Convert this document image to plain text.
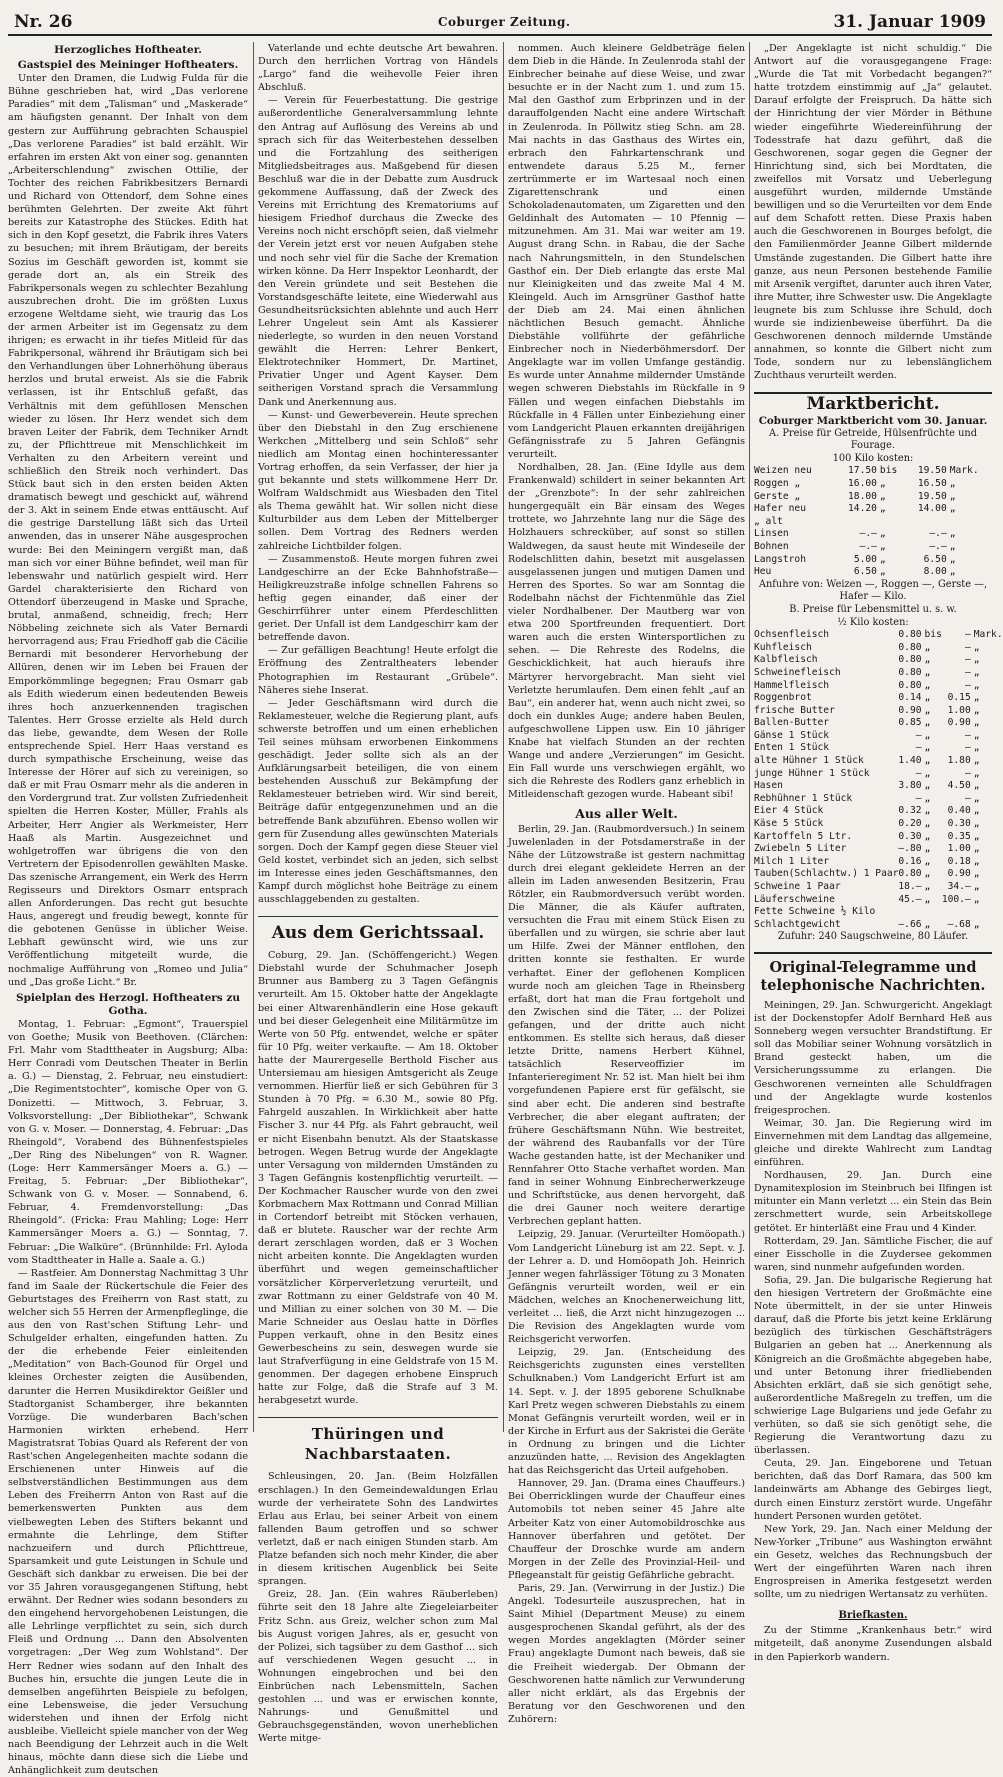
Nr. 26	Coburger Zeitung.	31. Januar 1909
Herzogliches Hoftheater.
Gastspiel des Meininger Hoftheaters.

Unter den Dramen, die Ludwig Fulda für die Bühne geschrieben hat, wird „Das verlorene Paradies“ mit dem „Talisman“ und „Maskerade“ am häufigsten genannt. Der Inhalt von dem gestern zur Aufführung gebrachten Schauspiel „Das verlorene Paradies“ ist bald erzählt. Wir erfahren im ersten Akt von einer sog. genannten „Arbeiterschlendung“ zwischen Ottilie, der Tochter des reichen Fabrikbesitzers Bernardi und Richard von Ottendorf, dem Sohne eines berühmten Gelehrten. Der zweite Akt führt bereits zur Katastrophe des Stückes. Edith hat sich in den Kopf gesetzt, die Fabrik ihres Vaters zu besuchen; mit ihrem Bräutigam, der bereits Sozius im Geschäft geworden ist, kommt sie gerade dort an, als ein Streik des Fabrikpersonals wegen zu schlechter Bezahlung auszubrechen droht. Die im größten Luxus erzogene Weltdame sieht, wie traurig das Los der armen Arbeiter ist im Gegensatz zu dem ihrigen; es erwacht in ihr tiefes Mitleid für das Fabrikpersonal, während ihr Bräutigam sich bei den Verhandlungen über Lohnerhöhung überaus herzlos und brutal erweist. Als sie die Fabrik verlassen, ist ihr Entschluß gefaßt, das Verhältnis mit dem gefühllosen Menschen wieder zu lösen. Ihr Herz wendet sich dem braven Leiter der Fabrik, dem Techniker Arndt zu, der Pflichttreue mit Menschlichkeit im Verhalten zu den Arbeitern vereint und schließlich den Streik noch verhindert. Das Stück baut sich in den ersten beiden Akten dramatisch bewegt und geschickt auf, während der 3. Akt in seinem Ende etwas enttäuscht. Auf die gestrige Darstellung läßt sich das Urteil anwenden, das in unserer Nähe ausgesprochen wurde: Bei den Meiningern vergißt man, daß man sich vor einer Bühne befindet, weil man für lebenswahr und natürlich gespielt wird. Herr Gardel charakterisierte den Richard von Ottendorf überzeugend in Maske und Sprache, brutal, anmaßend, schneidig, frech; Herr Nöbbeling zeichnete sich als Vater Bernardi hervorragend aus; Frau Friedhoff gab die Cäcilie Bernardi mit besonderer Hervorhebung der Allüren, denen wir im Leben bei Frauen der Emporkömmlinge begegnen; Frau Osmarr gab als Edith wiederum einen bedeutenden Beweis ihres hoch anzuerkennenden tragischen Talentes. Herr Grosse erzielte als Held durch das liebe, gewandte, dem Wesen der Rolle entsprechende Spiel. Herr Haas verstand es durch sympathische Erscheinung, weise das Interesse der Hörer auf sich zu vereinigen, so daß er mit Frau Osmarr mehr als die anderen in den Vordergrund trat. Zur vollsten Zufriedenheit spielten die Herren Koster, Müller, Frahls als Arbeiter, Herr Angier als Werkmeister, Herr Haaß als Martin. Ausgezeichnet und wohlgetroffen war übrigens die von den Vertretern der Episodenrollen gewählten Maske. Das szenische Arrangement, ein Werk des Herrn Regisseurs und Direktors Osmarr entsprach allen Anforderungen. Das recht gut besuchte Haus, angeregt und freudig bewegt, konnte für die gebotenen Genüsse in üblicher Weise. Lebhaft gewünscht wird, wie uns zur Veröffentlichung mitgeteilt wurde, die nochmalige Aufführung von „Romeo und Julia“ und „Das große Licht.“ Br.

Spielplan des Herzogl. Hoftheaters zu Gotha.

Montag, 1. Februar: „Egmont“, Trauerspiel von Goethe; Musik von Beethoven. (Clärchen: Frl. Mahr vom Stadttheater in Augsburg; Alba: Herr Conradi vom Deutschen Theater in Berlin a. G.) — Dienstag, 2. Februar, neu einstudiert: „Die Regimentstochter“, komische Oper von G. Donizetti. — Mittwoch, 3. Februar, 3. Volksvorstellung: „Der Bibliothekar“, Schwank von G. v. Moser. — Donnerstag, 4. Februar: „Das Rheingold“, Vorabend des Bühnenfestspieles „Der Ring des Nibelungen“ von R. Wagner. (Loge: Herr Kammersänger Moers a. G.) — Freitag, 5. Februar: „Der Bibliothekar“, Schwank von G. v. Moser. — Sonnabend, 6. Februar, 4. Fremdenvorstellung: „Das Rheingold“. (Fricka: Frau Mahling; Loge: Herr Kammersänger Moers a. G.) — Sonntag, 7. Februar: „Die Walküre“. (Brünnhilde: Frl. Ayloda vom Stadttheater in Halle a. Saale a. G.)

— Rastfeier. Am Donnerstag Nachmittag 3 Uhr fand im Saale der Rückertschule die Feier des Geburtstages des Freiherrn von Rast statt, zu welcher sich 55 Herren der Armenpfleglinge, die aus den von Rast'schen Stiftung Lehr- und Schulgelder erhalten, eingefunden hatten. Zu der die erhebende Feier einleitenden „Meditation“ von Bach-Gounod für Orgel und kleines Orchester zeigten die Ausübenden, darunter die Herren Musikdirektor Geißler und Stadtorganist Schamberger, ihre bekannten Vorzüge. Die wunderbaren Bach'schen Harmonien wirkten erhebend. Herr Magistratsrat Tobias Quard als Referent der von Rast'schen Angelegenheiten machte sodann die Erschienenen unter Hinweis auf die selbstverständlichen Bestimmungen aus dem Leben des Freiherrn Anton von Rast auf die bemerkenswerten Punkten aus dem vielbewegten Leben des Stifters bekannt und ermahnte die Lehrlinge, dem Stifter nachzueifern und durch Pflichttreue, Sparsamkeit und gute Leistungen in Schule und Geschäft sich dankbar zu erweisen. Die bei der vor 35 Jahren vorausgegangenen Stiftung, hebt erwähnt. Der Redner wies sodann besonders zu den eingehend hervorgehobenen Leistungen, die alle Lehrlinge verpflichtet zu sein, sich durch Fleiß und Ordnung ... Dann den Absolventen vorgetragen: „Der Weg zum Wohlstand“. Der Herr Redner wies sodann auf den Inhalt des Buches hin, ersuchte die jungen Leute die in demselben angeführten Beispiele zu befolgen, eine Lebensweise, die jeder Versuchung widerstehen und ihnen der Erfolg nicht ausbleibe. Vielleicht spiele mancher von der Weg nach Beendigung der Lehrzeit auch in die Welt hinaus, möchte dann diese sich die Liebe und Anhänglichkeit zum deutschen

Vaterlande und echte deutsche Art bewahren. Durch den herrlichen Vortrag von Händels „Largo“ fand die weihevolle Feier ihren Abschluß.

— Verein für Feuerbestattung. Die gestrige außerordentliche Generalversammlung lehnte den Antrag auf Auflösung des Vereins ab und sprach sich für das Weiterbestehen desselben und die Fortzahlung des seitherigen Mitgliedsbeitrages aus. Maßgebend für diesen Beschluß war die in der Debatte zum Ausdruck gekommene Auffassung, daß der Zweck des Vereins mit Errichtung des Krematoriums auf hiesigem Friedhof durchaus die Zwecke des Vereins noch nicht erschöpft seien, daß vielmehr der Verein jetzt erst vor neuen Aufgaben stehe und noch sehr viel für die Sache der Kremation wirken könne. Da Herr Inspektor Leonhardt, der den Verein gründete und seit Bestehen die Vorstandsgeschäfte leitete, eine Wiederwahl aus Gesundheitsrücksichten ablehnte und auch Herr Lehrer Ungeleut sein Amt als Kassierer niederlegte, so wurden in den neuen Vorstand gewählt die Herren: Lehrer Benkert, Elektrotechniker Hommert, Dr. Martinet, Privatier Unger und Agent Kayser. Dem seitherigen Vorstand sprach die Versammlung Dank und Anerkennung aus.

— Kunst- und Gewerbeverein. Heute sprechen über den Diebstahl in den Zug erschienene Werkchen „Mittelberg und sein Schloß“ sehr niedlich am Montag einen hochinteressanter Vortrag erhoffen, da sein Verfasser, der hier ja gut bekannte und stets willkommene Herr Dr. Wolfram Waldschmidt aus Wiesbaden den Titel als Thema gewählt hat. Wir sollen nicht diese Kulturbilder aus dem Leben der Mittelberger sollen. Dem Vortrag des Redners werden zahlreiche Lichtbilder folgen.

— Zusammenstoß. Heute morgen fuhren zwei Landgeschirre an der Ecke Bahnhofstraße—Heiligkreuzstraße infolge schnellen Fahrens so heftig gegen einander, daß einer der Geschirrführer unter einem Pferdeschlitten geriet. Der Unfall ist dem Landgeschirr kam der betreffende davon.

— Zur gefälligen Beachtung! Heute erfolgt die Eröffnung des Zentraltheaters lebender Photographien im Restaurant „Grübele“. Näheres siehe Inserat.

— Jeder Geschäftsmann wird durch die Reklamesteuer, welche die Regierung plant, aufs schwerste betroffen und um einen erheblichen Teil seines mühsam erworbenen Einkommens geschädigt. Jeder sollte sich als an der Aufklärungsarbeit beteiligen, die von einem bestehenden Ausschuß zur Bekämpfung der Reklamesteuer betrieben wird. Wir sind bereit, Beiträge dafür entgegenzunehmen und an die betreffende Bank abzuführen. Ebenso wollen wir gern für Zusendung alles gewünschten Materials sorgen. Doch der Kampf gegen diese Steuer viel Geld kostet, verbindet sich an jeden, sich selbst im Interesse eines jeden Geschäftsmannes, den Kampf durch möglichst hohe Beiträge zu einem ausschlaggebenden zu gestalten.

Aus dem Gerichtssaal.

Coburg, 29. Jan. (Schöffengericht.) Wegen Diebstahl wurde der Schuhmacher Joseph Brunner aus Bamberg zu 3 Tagen Gefängnis verurteilt. Am 15. Oktober hatte der Angeklagte bei einer Altwarenhändlerin eine Hose gekauft und bei dieser Gelegenheit eine Militärmütze im Werte von 50 Pfg. entwendet, welche er später für 10 Pfg. weiter verkaufte. — Am 18. Oktober hatte der Maurergeselle Berthold Fischer aus Untersiemau am hiesigen Amtsgericht als Zeuge vernommen. Hierfür ließ er sich Gebühren für 3 Stunden à 70 Pfg. = 6.30 M., sowie 80 Pfg. Fahrgeld auszahlen. In Wirklichkeit aber hatte Fischer 3. nur 44 Pfg. als Fahrt gebraucht, weil er nicht Eisenbahn benutzt. Als der Staatskasse betrogen. Wegen Betrug wurde der Angeklagte unter Versagung von mildernden Umständen zu 3 Tagen Gefängnis kostenpflichtig verurteilt. — Der Kochmacher Rauscher wurde von den zwei Korbmachern Max Rottmann und Conrad Millian in Cortendorf betreibt mit Stöcken verhauen, daß er blutete. Rauscher war der rechte Arm derart zerschlagen worden, daß er 3 Wochen nicht arbeiten konnte. Die Angeklagten wurden überführt und wegen gemeinschaftlicher vorsätzlicher Körperverletzung verurteilt, und zwar Rottmann zu einer Geldstrafe von 40 M. und Millian zu einer solchen von 30 M. — Die Marie Schneider aus Oeslau hatte in Dörfles Puppen verkauft, ohne in den Besitz eines Gewerbescheins zu sein, deswegen wurde sie laut Strafverfügung in eine Geldstrafe von 15 M. genommen. Der dagegen erhobene Einspruch hatte zur Folge, daß die Strafe auf 3 M. herabgesetzt wurde.

Thüringen und Nachbarstaaten.

Schleusingen, 20. Jan. (Beim Holzfällen erschlagen.) In den Gemeindewaldungen Erlau wurde der verheiratete Sohn des Landwirtes Erlau aus Erlau, bei seiner Arbeit von einem fallenden Baum getroffen und so schwer verletzt, daß er nach einigen Stunden starb. Am Platze befanden sich noch mehr Kinder, die aber in diesem kritischen Augenblick bei Seite sprangen.

Greiz, 28. Jan. (Ein wahres Räuberleben) führte seit den 18 Jahre alte Ziegeleiarbeiter Fritz Schn. aus Greiz, welcher schon zum Mal bis August vorigen Jahres, als er, gesucht von der Polizei, sich tagsüber zu dem Gasthof ... sich auf verschiedenen Wegen gesucht ... in Wohnungen eingebrochen und bei den Einbrüchen nach Lebensmitteln, Sachen gestohlen ... und was er erwischen konnte, Nahrungs- und Genußmittel und Gebrauchsgegenständen, wovon unerheblichen Werte mitge-

nommen. Auch kleinere Geldbeträge fielen dem Dieb in die Hände. In Zeulenroda stahl der Einbrecher beinahe auf diese Weise, und zwar besuchte er in der Nacht zum 1. und zum 15. Mal den Gasthof zum Erbprinzen und in der darauffolgenden Nacht eine andere Wirtschaft in Zeulenroda. In Pöllwitz stieg Schn. am 28. Mai nachts in das Gasthaus des Wirtes ein, erbrach den Fahrkartenschrank und entwendete daraus 5.25 M., ferner zertrümmerte er im Wartesaal noch einen Zigarettenschrank und einen Schokoladenautomaten, um Zigaretten und den Geldinhalt des Automaten — 10 Pfennig — mitzunehmen. Am 31. Mai war weiter am 19. August drang Schn. in Rabau, die der Sache nach Nahrungsmitteln, in den Stundelschen Gasthof ein. Der Dieb erlangte das erste Mal nur Kleinigkeiten und das zweite Mal 4 M. Kleingeld. Auch im Arnsgrüner Gasthof hatte der Dieb am 24. Mai einen ähnlichen nächtlichen Besuch gemacht. Ähnliche Diebstähle vollführte der gefährliche Einbrecher noch in Niederböhmersdorf. Der Angeklagte war im vollen Umfange geständig. Es wurde unter Annahme mildernder Umstände wegen schweren Diebstahls im Rückfalle in 9 Fällen und wegen einfachen Diebstahls im Rückfalle in 4 Fällen unter Einbeziehung einer vom Landgericht Plauen erkannten dreijährigen Gefängnisstrafe zu 5 Jahren Gefängnis verurteilt.

Nordhalben, 28. Jan. (Eine Idylle aus dem Frankenwald) schildert in seiner bekannten Art der „Grenzbote“: In der sehr zahlreichen hungergequält ein Bär einsam des Weges trottete, wo Jahrzehnte lang nur die Säge des Holzhauers schrecküber, auf sonst so stillen Waldwegen, da saust heute mit Windeseile der Rodelschlitten dahin, besetzt mit ausgelassen ausgelassenen jungen und mutigen Damen und Herren des Sportes. So war am Sonntag die Rodelbahn nächst der Fichtenmühle das Ziel vieler Nordhalbener. Der Mautberg war von etwa 200 Sportfreunden frequentiert. Dort waren auch die ersten Wintersportlichen zu sehen. — Die Rehreste des Rodelns, die Geschicklichkeit, hat auch hieraufs ihre Märtyrer hervorgebracht. Man sieht viel Verletzte herumlaufen. Dem einen fehlt „auf an Bau“, ein anderer hat, wenn auch nicht zwei, so doch ein dunkles Auge; andere haben Beulen, aufgeschwollene Lippen usw. Ein 10 jähriger Knabe hat vielfach Stunden an der rechten Wange und andere „Verzierungen“ im Gesicht. Ein Fall wurde uns verschwiegen ergählt, wo sich die Rehreste des Rodlers ganz erheblich in Mitleidenschaft gezogen wurde. Habeant sibi!

Aus aller Welt.

Berlin, 29. Jan. (Raubmordversuch.) In seinem Juwelenladen in der Potsdamerstraße in der Nähe der Lützowstraße ist gestern nachmittag durch drei elegant gekleidete Herren an der allein im Laden anwesenden Besitzerin, Frau Rötzler, ein Raubmordversuch verübt worden. Die Männer, die als Käufer auftraten, versuchten die Frau mit einem Stück Eisen zu überfallen und zu würgen, sie schrie aber laut um Hilfe. Zwei der Männer entflohen, den dritten konnte sie festhalten. Er wurde verhaftet. Einer der geflohenen Komplicen wurde noch am gleichen Tage in Rheinsberg erfaßt, dort hat man die Frau fortgeholt und den Zwischen sind die Täter, ... der Polizei gefangen, und der dritte auch nicht entkommen. Es stellte sich heraus, daß dieser letzte Dritte, namens Herbert Kühnel, tatsächlich Reserveoffizier im Infanterieregiment Nr. 52 ist. Man hielt bei ihm vorgefundenen Papiere erst für gefälscht, sie sind aber echt. Die anderen sind bestrafte Verbrecher, die aber elegant auftraten; der frühere Geschäftsmann Nühn. Wie bestreitet, der während des Raubanfalls vor der Türe Wache gestanden hatte, ist der Mechaniker und Rennfahrer Otto Stache verhaftet worden. Man fand in seiner Wohnung Einbrecherwerkzeuge und Schriftstücke, aus denen hervorgeht, daß die drei Gauner noch weitere derartige Verbrechen geplant hatten.

Leipzig, 29. Januar. (Verurteilter Homöopath.) Vom Landgericht Lüneburg ist am 22. Sept. v. J. der Lehrer a. D. und Homöopath Joh. Heinrich Jenner wegen fahrlässiger Tötung zu 3 Monaten Gefängnis verurteilt worden, weil er ein Mädchen, welches an Knochenerweichung litt, verleitet ... ließ, die Arzt nicht hinzugezogen ... Die Revision des Angeklagten wurde vom Reichsgericht verworfen.

Leipzig, 29. Jan. (Entscheidung des Reichsgerichts zugunsten eines verstellten Schulknaben.) Vom Landgericht Erfurt ist am 14. Sept. v. J. der 1895 geborene Schulknabe Karl Pretz wegen schweren Diebstahls zu einem Monat Gefängnis verurteilt worden, weil er in der Kirche in Erfurt aus der Sakristei die Geräte in Ordnung zu bringen und die Lichter anzuzünden hatte, ... Revision des Angeklagten hat das Reichsgericht das Urteil aufgehoben.

Hannover, 29. Jan. (Drama eines Chauffeurs.) Bei Oberricklingen wurde der Chauffeur eines Automobils tot neben seiner 45 Jahre alte Arbeiter Katz von einer Automobildroschke aus Hannover überfahren und getötet. Der Chauffeur der Droschke wurde am andern Morgen in der Zelle des Provinzial-Heil- und Pflegeanstalt für geistig Gefährliche gebracht.

Paris, 29. Jan. (Verwirrung in der Justiz.) Die Angekl. Todesurteile auszusprechen, hat in Saint Mihiel (Department Meuse) zu einem ausgesprochenen Skandal geführt, als der des wegen Mordes angeklagten (Mörder seiner Frau) angeklagte Dumont nach beweis, daß sie die Freiheit wiedergab. Der Obmann der Geschworenen hatte nämlich zur Verwunderung aller nicht erklärt, als das Ergebnis der Beratung vor den Geschworenen und den Zuhörern:

„Der Angeklagte ist nicht schuldig.“ Die Antwort auf die vorausgegangene Frage: „Wurde die Tat mit Vorbedacht begangen?“ hatte trotzdem einstimmig auf „Ja“ gelautet. Darauf erfolgte der Freispruch. Da hätte sich der Hinrichtung der vier Mörder in Béthune wieder eingeführte Wiedereinführung der Todesstrafe hat dazu geführt, daß die Geschworenen, sogar gegen die Gegner der Hinrichtung sind, sich bei Mordtaten, die zweifellos mit Vorsatz und Ueberlegung ausgeführt wurden, mildernde Umstände bewilligen und so die Verurteilten vor dem Ende auf dem Schafott retten. Diese Praxis haben auch die Geschworenen in Bourges befolgt, die den Familienmörder Jeanne Gilbert mildernde Umstände zugestanden. Die Gilbert hatte ihre ganze, aus neun Personen bestehende Familie mit Arsenik vergiftet, darunter auch ihren Vater, ihre Mutter, ihre Schwester usw. Die Angeklagte leugnete bis zum Schlusse ihre Schuld, doch wurde sie indizienbeweise überführt. Da die Geschworenen dennoch mildernde Umstände annahmen, so konnte die Gilbert nicht zum Tode, sondern nur zu lebenslänglichem Zuchthaus verurteilt werden.

Marktbericht.
Coburger Marktbericht vom 30. Januar.
A. Preise für Getreide, Hülsenfrüchte und Fourage.
100 Kilo kosten:
Weizen neu	17.50	bis	19.50	Mark.
Roggen „	16.00	„	16.50	„
Gerste „	18.00	„	19.50	„
Hafer neu	14.20	„	14.00	„
„ alt				
Linsen	—.—	„	—.—	„
Bohnen	—.—	„	—.—	„
Langstroh	5.00	„	6.50	„
Heu	6.50	„	8.00	„
Anfuhre von: Weizen —, Roggen —, Gerste —, Hafer — Kilo.
B. Preise für Lebensmittel u. s. w.
½ Kilo kosten:
Ochsenfleisch	0.80	bis	—	Mark.
Kuhfleisch	0.80	„	—	„
Kalbfleisch	0.80	„	—	„
Schweinefleisch	0.80	„	—	„
Hammelfleisch	0.80	„	—	„
Roggenbrot	0.14	„	0.15	„
frische Butter	0.90	„	1.00	„
Ballen-Butter	0.85	„	0.90	„
Gänse 1 Stück	—	„	—	„
Enten 1 Stück	—	„	—	„
alte Hühner 1 Stück	1.40	„	1.80	„
junge Hühner 1 Stück	—	„	—	„
Hasen	3.80	„	4.50	„
Rebhühner 1 Stück	—	„	—	„
Eier 4 Stück	0.32	„	0.40	„
Käse 5 Stück	0.20	„	0.30	„
Kartoffeln 5 Ltr.	0.30	„	0.35	„
Zwiebeln 5 Liter	—.80	„	1.00	„
Milch 1 Liter	0.16	„	0.18	„
Tauben(Schlachtw.) 1 Paar	0.80	„	0.90	„
Schweine 1 Paar	18.—	„	34.—	„
Läuferschweine	45.—	„	100.—	„
Fette Schweine ½ Kilo				
Schlachtgewicht	—.66	„	—.68	„
Zufuhr: 240 Saugschweine, 80 Läufer.
Original-Telegramme und telephonische Nachrichten.

Meiningen, 29. Jan. Schwurgericht. Angeklagt ist der Dockenstopfer Adolf Bernhard Heß aus Sonneberg wegen versuchter Brandstiftung. Er soll das Mobiliar seiner Wohnung vorsätzlich in Brand gesteckt haben, um die Versicherungssumme zu erlangen. Die Geschworenen verneinten alle Schuldfragen und der Angeklagte wurde kostenlos freigesprochen.

Weimar, 30. Jan. Die Regierung wird im Einvernehmen mit dem Landtag das allgemeine, gleiche und direkte Wahlrecht zum Landtag einführen.

Nordhausen, 29. Jan. Durch eine Dynamitexplosion im Steinbruch bei Ilfingen ist mitunter ein Mann verletzt ... ein Stein das Bein zerschmettert wurde, sein Arbeitskollege getötet. Er hinterläßt eine Frau und 4 Kinder.

Rotterdam, 29. Jan. Sämtliche Fischer, die auf einer Eisscholle in die Zuydersee gekommen waren, sind nunmehr aufgefunden worden.

Sofia, 29. Jan. Die bulgarische Regierung hat den hiesigen Vertretern der Großmächte eine Note übermittelt, in der sie unter Hinweis darauf, daß die Pforte bis jetzt keine Erklärung bezüglich des türkischen Geschäftsträgers Bulgarien an geben hat ... Anerkennung als Königreich an die Großmächte abgegeben habe, und unter Betonung ihrer friedliebenden Absichten erklärt, daß sie sich genötigt sehe, außerordentliche Maßregeln zu treffen, um die schwierige Lage Bulgariens und jede Gefahr zu verhüten, so daß sie sich genötigt sehe, die Regierung die Verantwortung dazu zu überlassen.

Ceuta, 29. Jan. Eingeborene und Tetuan berichten, daß das Dorf Ramara, das 500 km landeinwärts am Abhange des Gebirges liegt, durch einen Einsturz zerstört wurde. Ungefähr hundert Personen wurden getötet.

New York, 29. Jan. Nach einer Meldung der New-Yorker „Tribune“ aus Washington erwähnt ein Gesetz, welches das Rechnungsbuch der Wert der eingeführten Waren nach ihren Engrospreisen in Amerika festgesetzt werden sollte, um zu niedrigen Wertansatz zu verhüten.

Briefkasten.

Zu der Stimme „Krankenhaus betr.“ wird mitgeteilt, daß anonyme Zusendungen alsbald in den Papierkorb wandern.
